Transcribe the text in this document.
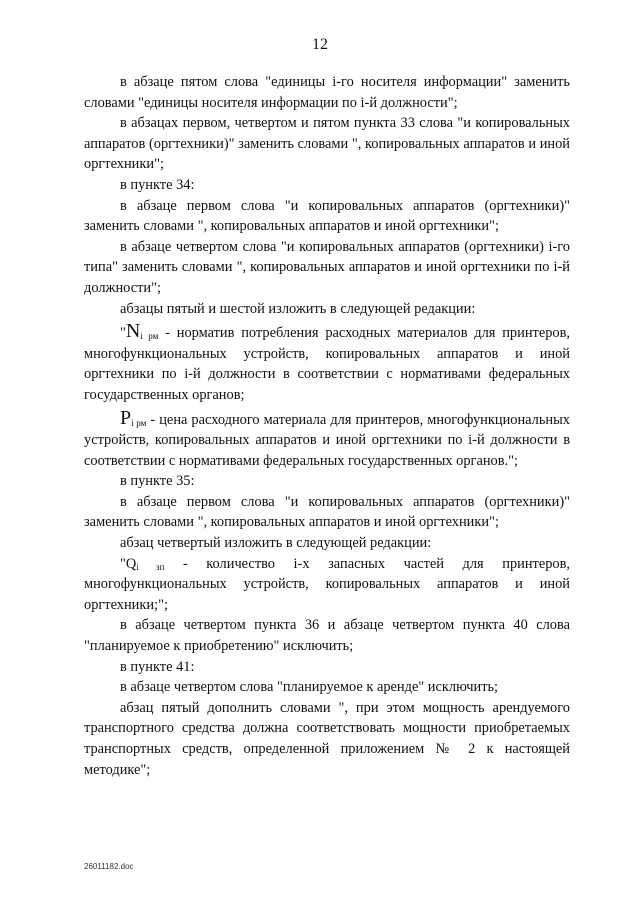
12

в абзаце пятом слова "единицы i-го носителя информации" заменить словами "единицы носителя информации по i-й должности";

в абзацах первом, четвертом и пятом пункта 33 слова "и копировальных аппаратов (оргтехники)" заменить словами ", копировальных аппаратов и иной оргтехники";

в пункте 34:

в абзаце первом слова "и копировальных аппаратов (оргтехники)" заменить словами ", копировальных аппаратов и иной оргтехники";

в абзаце четвертом слова "и копировальных аппаратов (оргтехники) i-го типа" заменить словами ", копировальных аппаратов и иной оргтехники по i-й должности";

абзацы пятый и шестой изложить в следующей редакции:

"$N_{i рм}$ - норматив потребления расходных материалов для принтеров, многофункциональных устройств, копировальных аппаратов и иной оргтехники по i-й должности в соответствии с нормативами федеральных государственных органов;

$P_{i рм}$ - цена расходного материала для принтеров, многофункциональных устройств, копировальных аппаратов и иной оргтехники по i-й должности в соответствии с нормативами федеральных государственных органов.";

в пункте 35:

в абзаце первом слова "и копировальных аппаратов (оргтехники)" заменить словами ", копировальных аппаратов и иной оргтехники";

абзац четвертый изложить в следующей редакции:

"$Q_{i зп}$ - количество i-х запасных частей для принтеров, многофункциональных устройств, копировальных аппаратов и иной оргтехники;";

в абзаце четвертом пункта 36 и абзаце четвертом пункта 40 слова "планируемое к приобретению" исключить;

в пункте 41:

в абзаце четвертом слова "планируемое к аренде" исключить;

абзац пятый дополнить словами ", при этом мощность арендуемого транспортного средства должна соответствовать мощности приобретаемых транспортных средств, определенной приложением № 2 к настоящей методике";

26011182.doc
